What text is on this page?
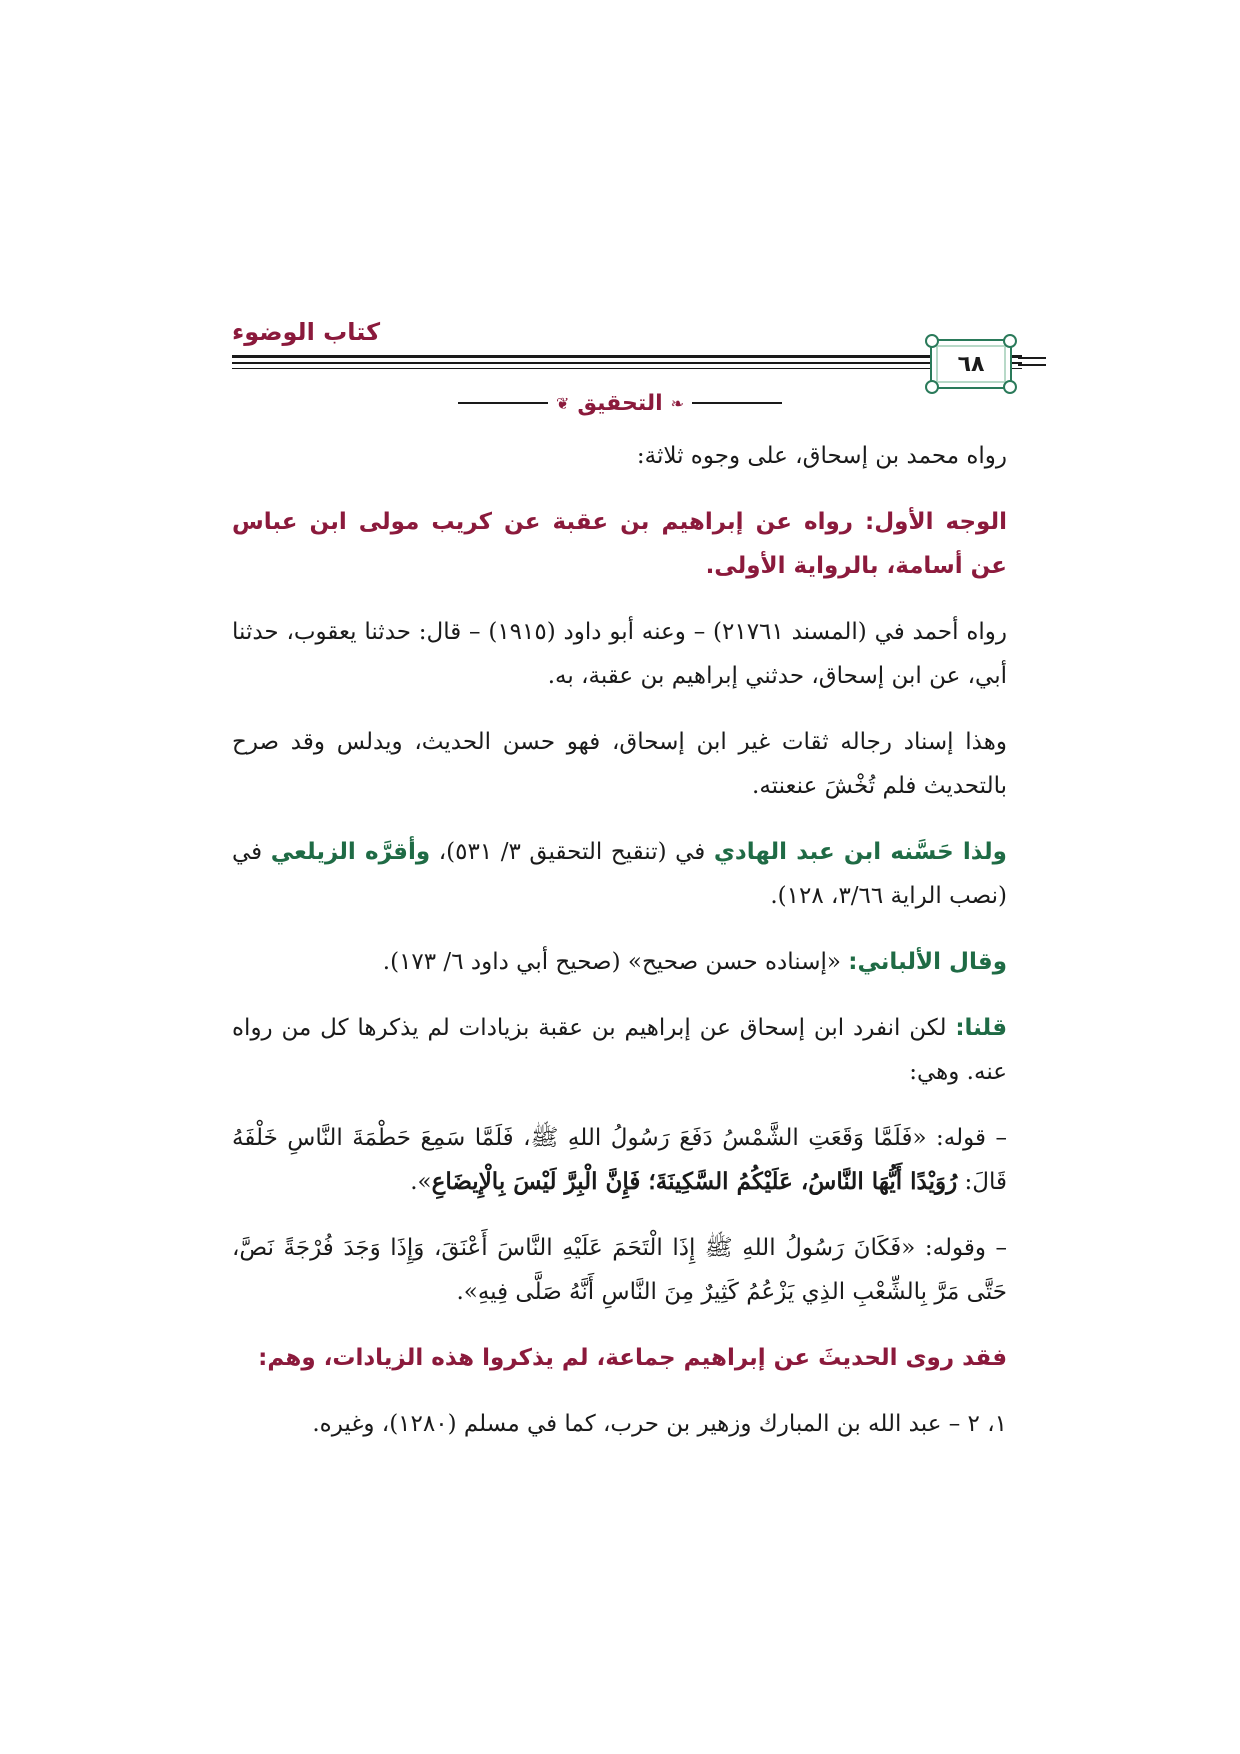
كتاب الوضوء
٦٨
❦ التحقيق ❧

رواه محمد بن إسحاق، على وجوه ثلاثة:

الوجه الأول: رواه عن إبراهيم بن عقبة عن كريب مولى ابن عباس عن أسامة، بالرواية الأولى.

رواه أحمد في (المسند ٢١٧٦١) – وعنه أبو داود (١٩١٥) – قال: حدثنا يعقوب، حدثنا أبي، عن ابن إسحاق، حدثني إبراهيم بن عقبة، به.

وهذا إسناد رجاله ثقات غير ابن إسحاق، فهو حسن الحديث، ويدلس وقد صرح بالتحديث فلم تُخْشَ عنعنته.

ولذا حَسَّنه ابن عبد الهادي في (تنقيح التحقيق ٣/ ٥٣١)، وأقرَّه الزيلعي في (نصب الراية ٣/٦٦، ١٢٨).

وقال الألباني: «إسناده حسن صحيح» (صحيح أبي داود ٦/ ١٧٣).

قلنا: لكن انفرد ابن إسحاق عن إبراهيم بن عقبة بزيادات لم يذكرها كل من رواه عنه. وهي:

– قوله: «فَلَمَّا وَقَعَتِ الشَّمْسُ دَفَعَ رَسُولُ اللهِ ﷺ، فَلَمَّا سَمِعَ حَطْمَةَ النَّاسِ خَلْفَهُ قَالَ: رُوَيْدًا أَيُّهَا النَّاسُ، عَلَيْكُمُ السَّكِينَةَ؛ فَإِنَّ الْبِرَّ لَيْسَ بِالْإِيضَاعِ».

– وقوله: «فَكَانَ رَسُولُ اللهِ ﷺ إِذَا الْتَحَمَ عَلَيْهِ النَّاسَ أَعْنَقَ، وَإِذَا وَجَدَ فُرْجَةً نَصَّ، حَتَّى مَرَّ بِالشِّعْبِ الذِي يَزْعُمُ كَثِيرٌ مِنَ النَّاسِ أَنَّهُ صَلَّى فِيهِ».

فقد روى الحديثَ عن إبراهيم جماعة، لم يذكروا هذه الزيادات، وهم:

١، ٢ – عبد الله بن المبارك وزهير بن حرب، كما في مسلم (١٢٨٠)، وغيره.
